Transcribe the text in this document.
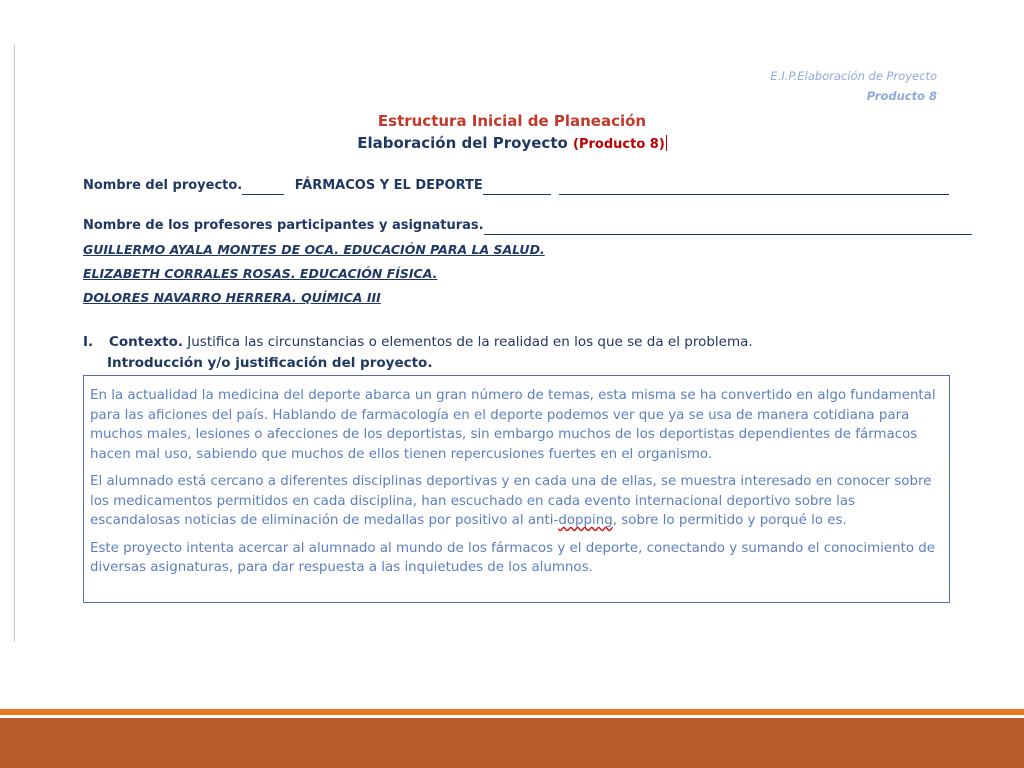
E.I.P.Elaboración de Proyecto
Producto 8
Estructura Inicial de Planeación
Elaboración del Proyecto (Producto 8)
Nombre del proyecto.	FÁRMACOS Y EL DEPORTE
Nombre de los profesores participantes y asignaturas.
GUILLERMO AYALA MONTES DE OCA. EDUCACIÓN PARA LA SALUD.
ELIZABETH CORRALES ROSAS. EDUCACIÓN FÍSICA.
DOLORES NAVARRO HERRERA. QUÍMICA III
I. Contexto. Justifica las circunstancias o elementos de la realidad en los que se da el problema.
Introducción y/o justificación del proyecto.

En la actualidad la medicina del deporte abarca un gran número de temas, esta misma se ha convertido en algo fundamental para las aficiones del país. Hablando de farmacología en el deporte podemos ver que ya se usa de manera cotidiana para muchos males, lesiones o afecciones de los deportistas, sin embargo muchos de los deportistas dependientes de fármacos hacen mal uso, sabiendo que muchos de ellos tienen repercusiones fuertes en el organismo.

El alumnado está cercano a diferentes disciplinas deportivas y en cada una de ellas, se muestra interesado en conocer sobre los medicamentos permitidos en cada disciplina, han escuchado en cada evento internacional deportivo sobre las escandalosas noticias de eliminación de medallas por positivo al anti-dopping, sobre lo permitido y porqué lo es.

Este proyecto intenta acercar al alumnado al mundo de los fármacos y el deporte, conectando y sumando el conocimiento de diversas asignaturas, para dar respuesta a las inquietudes de los alumnos.
